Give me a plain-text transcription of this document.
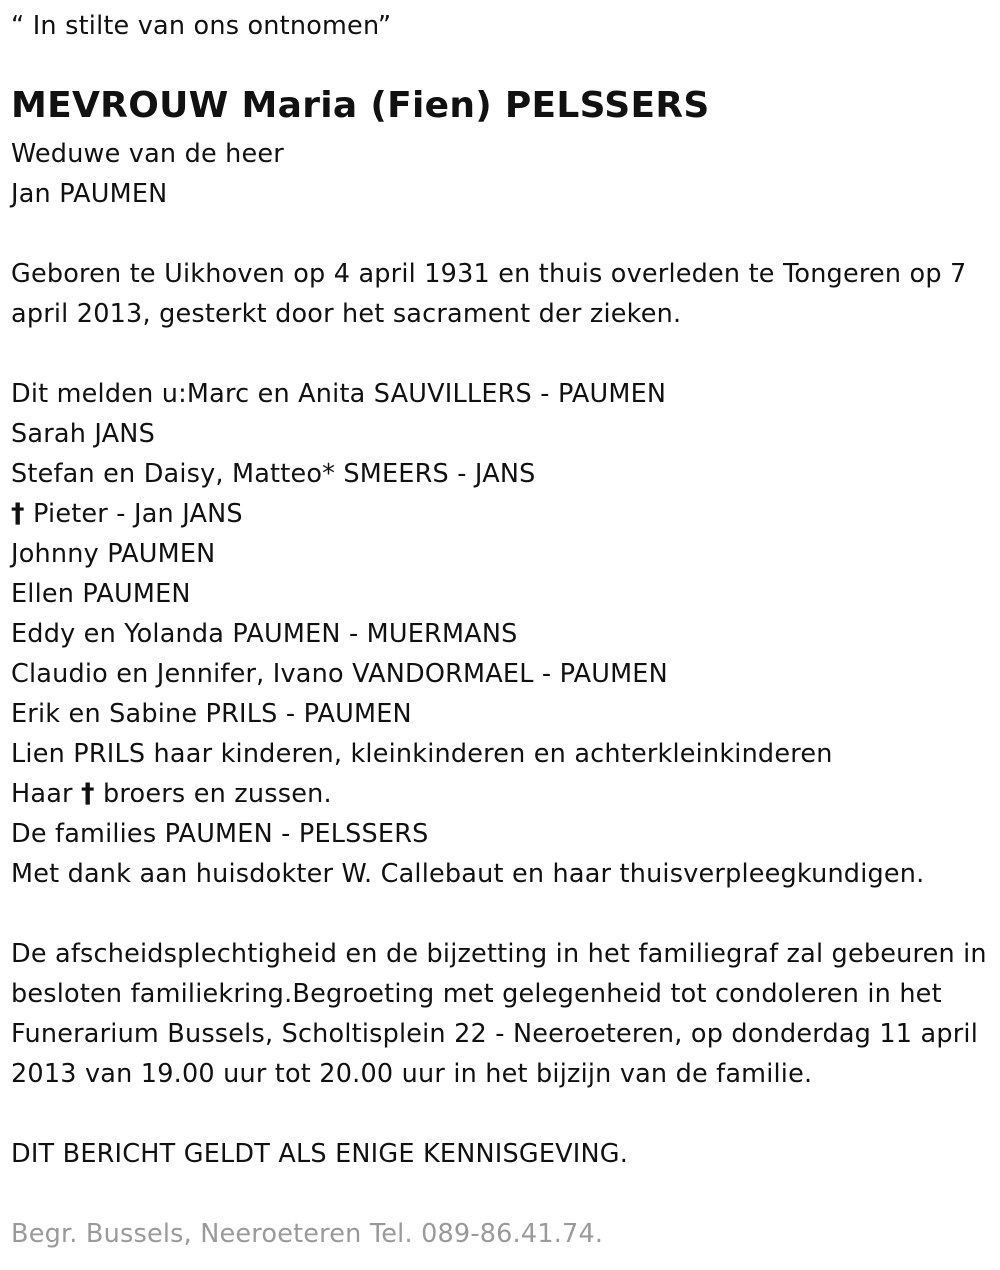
“ In stilte van ons ontnomen”
MEVROUW Maria (Fien) PELSSERS
Weduwe van de heer
Jan PAUMEN

Geboren te Uikhoven op 4 april 1931 en thuis overleden te Tongeren op 7 april 2013, gesterkt door het sacrament der zieken.

Dit melden u:Marc en Anita SAUVILLERS - PAUMEN
Sarah JANS
Stefan en Daisy, Matteo* SMEERS - JANS
† Pieter - Jan JANS
Johnny PAUMEN
Ellen PAUMEN
Eddy en Yolanda PAUMEN - MUERMANS
Claudio en Jennifer, Ivano VANDORMAEL - PAUMEN
Erik en Sabine PRILS - PAUMEN
Lien PRILS haar kinderen, kleinkinderen en achterkleinkinderen
Haar † broers en zussen.
De families PAUMEN - PELSSERS
Met dank aan huisdokter W. Callebaut en haar thuisverpleegkundigen.

De afscheidsplechtigheid en de bijzetting in het familiegraf zal gebeuren in besloten familiekring.Begroeting met gelegenheid tot condoleren in het Funerarium Bussels, Scholtisplein 22 - Neeroeteren, op donderdag 11 april 2013 van 19.00 uur tot 20.00 uur in het bijzijn van de familie.

DIT BERICHT GELDT ALS ENIGE KENNISGEVING.
Begr. Bussels, Neeroeteren Tel. 089-86.41.74.
